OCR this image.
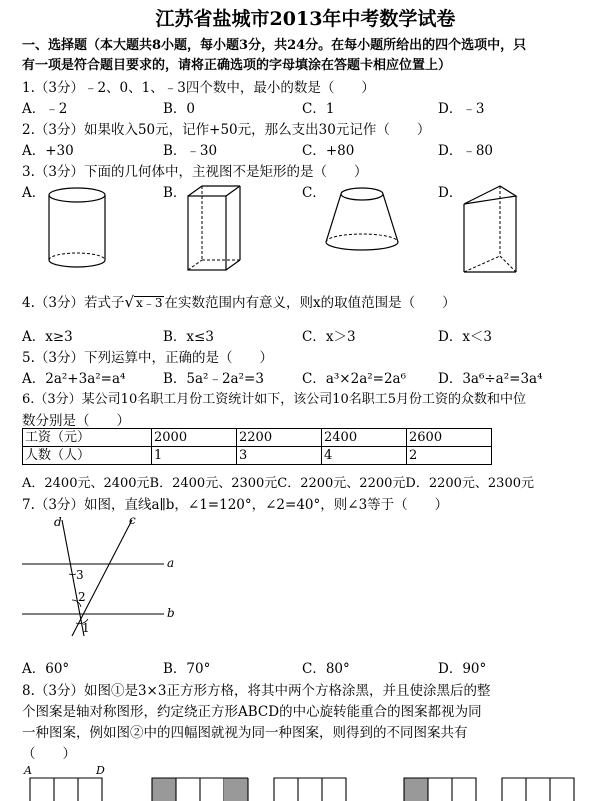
江苏省盐城市2013年中考数学试卷
一、选择题（本大题共8小题，每小题3分，共24分。在每小题所给出的四个选项中，只
有一项是符合题目要求的，请将正确选项的字母填涂在答题卡相应位置上）
1.（3分）﹣2、0、1、﹣3四个数中，最小的数是（　　）
A．﹣2	B．0	C．1	D．﹣3
2.（3分）如果收入50元，记作+50元，那么支出30元记作（　　）
A．+30	B．﹣30	C．+80	D．﹣80
3.（3分）下面的几何体中，主视图不是矩形的是（　　）
A．	B．	C．	D．
4.（3分）若式子√ x﹣3 在实数范围内有意义，则x的取值范围是（　　）
A．x≥3	B．x≤3	C．x＞3	D．x＜3
5.（3分）下列运算中，正确的是（　　）
A．2a²+3a²=a⁴	B．5a²﹣2a²=3	C．a³×2a²=2a⁶ D．3a⁶÷a²=3a⁴
6.（3分）某公司10名职工月份工资统计如下，该公司10名职工5月份工资的众数和中位
数分别是（　　）
工资（元）	2000	2200	2400	2600
人数（人）	1	3	4	2
A．2400元、2400元B．2400元、2300元C．2200元、2200元D．2200元、2300元
7.（3分）如图，直线a∥b，∠1=120°，∠2=40°，则∠3等于（　　）
d	c
a
b
3
2
1
A．60°	B．70°	C．80°	D．90°
8.（3分）如图①是3×3正方形方格，将其中两个方格涂黑，并且使涂黑后的整
个图案是轴对称图形，约定绕正方形ABCD的中心旋转能重合的图案都视为同
一种图案，例如图②中的四幅图就视为同一种图案，则得到的不同图案共有
（　　）
A	D
